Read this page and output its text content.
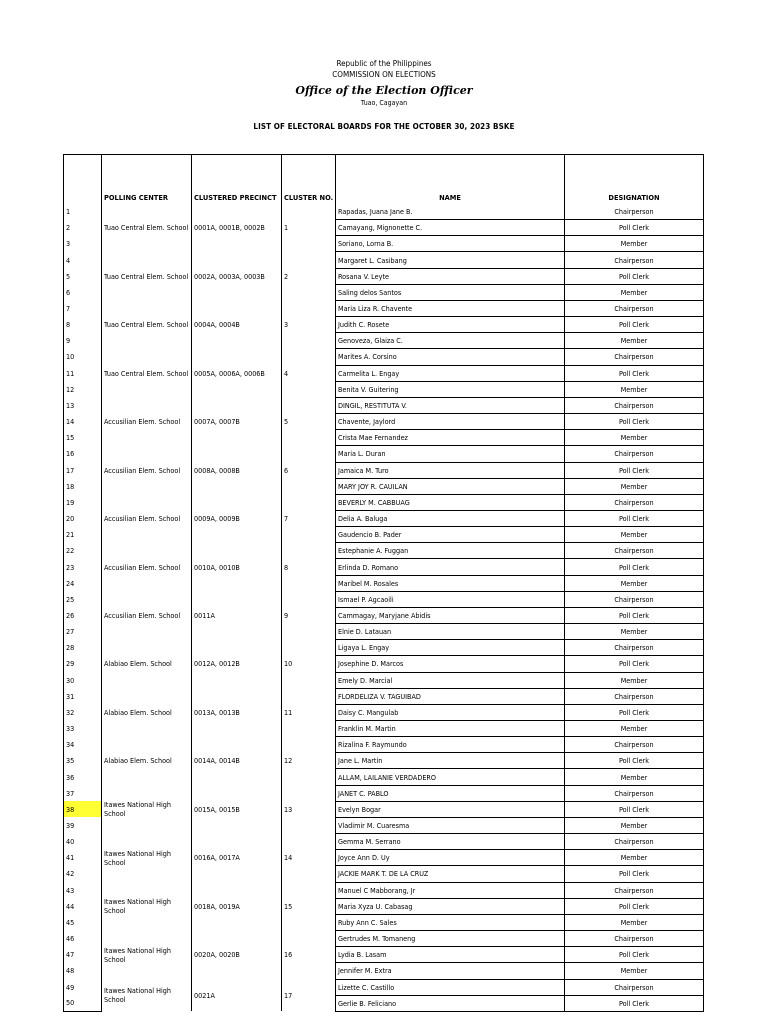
Republic of the Philippines
COMMISSION ON ELECTIONS
Office of the Election Officer
Tuao, Cagayan
LIST OF ELECTORAL BOARDS FOR THE OCTOBER 30, 2023 BSKE
	POLLING CENTER	CLUSTERED PRECINCT	CLUSTER NO.	NAME	DESIGNATION
1	Tuao Central Elem. School	0001A, 0001B, 0002B	1	Rapadas, Juana Jane B.	Chairperson
2				Camayang, Mignonette C.	Poll Clerk
3				Soriano, Lorna B.	Member
4	Tuao Central Elem. School	0002A, 0003A, 0003B	2	Margaret L. Casibang	Chairperson
5				Rosana V. Leyte	Poll Clerk
6				Saling delos Santos	Member
7	Tuao Central Elem. School	0004A, 0004B	3	Maria Liza R. Chavente	Chairperson
8				Judith C. Rosete	Poll Clerk
9				Genoveza, Glaiza C.	Member
10	Tuao Central Elem. School	0005A, 0006A, 0006B	4	Marites A. Corsino	Chairperson
11				Carmelita L. Engay	Poll Clerk
12				Benita V. Guitering	Member
13	Accusilian Elem. School	0007A, 0007B	5	DINGIL, RESTITUTA V.	Chairperson
14				Chavente, Jaylord	Poll Clerk
15				Crista Mae Fernandez	Member
16	Accusilian Elem. School	0008A, 0008B	6	Maria L. Duran	Chairperson
17				Jamaica M. Turo	Poll Clerk
18				MARY JOY R. CAUILAN	Member
19	Accusilian Elem. School	0009A, 0009B	7	BEVERLY M. CABBUAG	Chairperson
20				Delia A. Baluga	Poll Clerk
21				Gaudencio B. Pader	Member
22	Accusilian Elem. School	0010A, 0010B	8	Estephanie A. Fuggan	Chairperson
23				Erlinda D. Romano	Poll Clerk
24				Maribel M. Rosales	Member
25	Accusilian Elem. School	0011A	9	Ismael P. Agcaoili	Chairperson
26				Cammagay, Maryjane Abidis	Poll Clerk
27				Elnie D. Latauan	Member
28	Alabiao Elem. School	0012A, 0012B	10	Ligaya L. Engay	Chairperson
29				Josephine D. Marcos	Poll Clerk
30				Emely D. Marcial	Member
31	Alabiao Elem. School	0013A, 0013B	11	FLORDELIZA V. TAGUIBAD	Chairperson
32				Daisy C. Mangulab	Poll Clerk
33				Franklin M. Martin	Member
34	Alabiao Elem. School	0014A, 0014B	12	Rizalina F. Raymundo	Chairperson
35				Jane L. Martin	Poll Clerk
36				ALLAM, LAILANIE VERDADERO	Member
37	Itawes National High School	0015A, 0015B	13	JANET C. PABLO	Chairperson
38				Evelyn Bogar	Poll Clerk
39				Vladimir M. Cuaresma	Member
40	Itawes National High School	0016A, 0017A	14	Gemma M. Serrano	Chairperson
41				Joyce Ann D. Uy	Member
42				JACKIE MARK T. DE LA CRUZ	Poll Clerk
43	Itawes National High School	0018A, 0019A	15	Manuel C Mabborang, Jr	Chairperson
44				Maria Xyza U. Cabasag	Poll Clerk
45				Ruby Ann C. Sales	Member
46	Itawes National High School	0020A, 0020B	16	Gertrudes M. Tomaneng	Chairperson
47				Lydia B. Lasam	Poll Clerk
48				Jennifer M. Extra	Member
49	Itawes National High School	0021A	17	Lizette C. Castillo	Chairperson
50				Gerlie B. Feliciano	Poll Clerk
